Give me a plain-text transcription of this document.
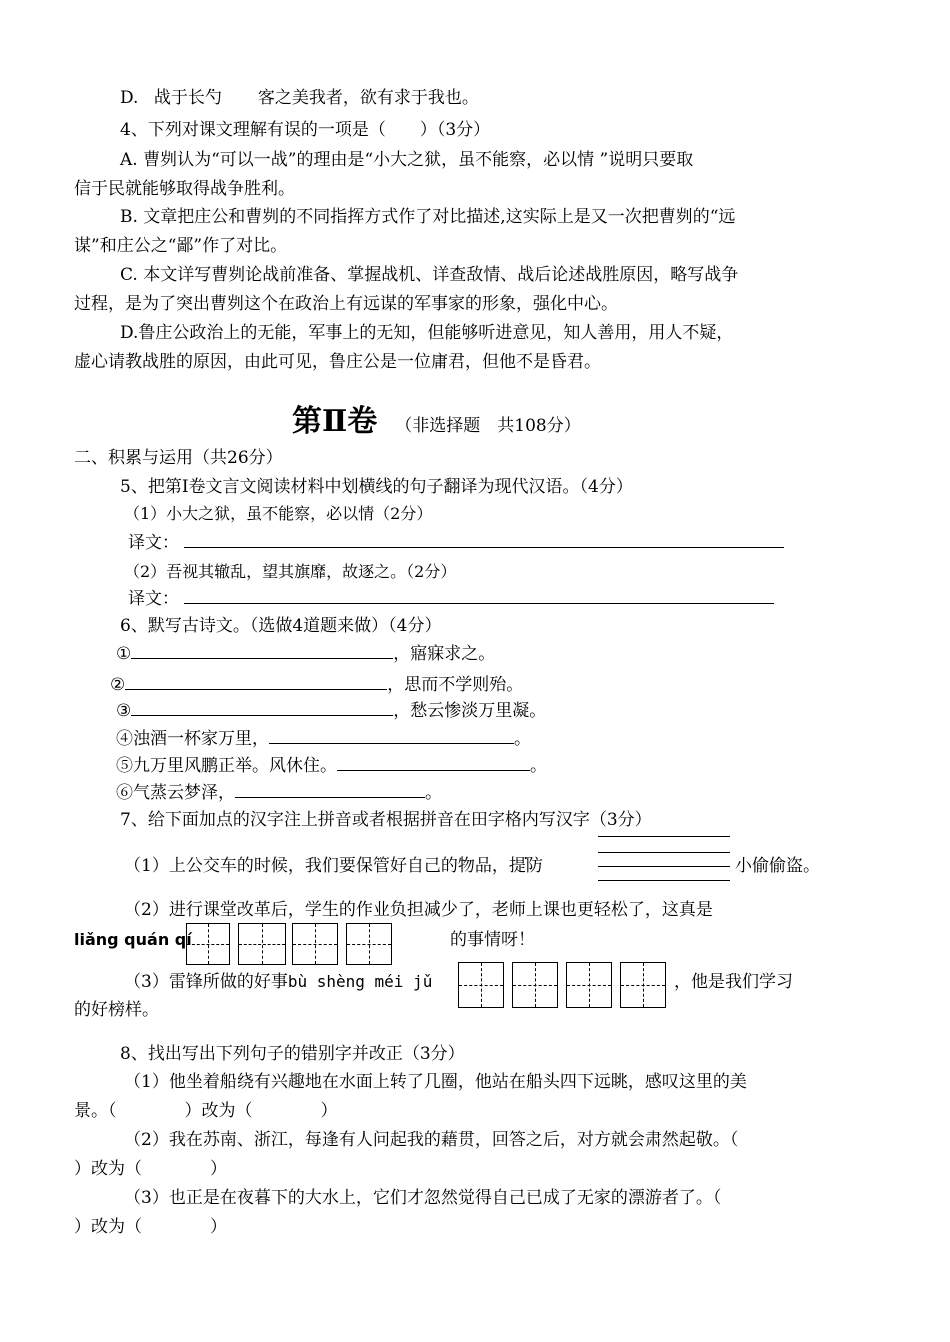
D. 战于长勺 客之美我者，欲有求于我也。
4、下列对课文理解有误的一项是（　　）（3分）
A. 曹刿认为“可以一战”的理由是“小大之狱，虽不能察，必以情 ”说明只要取
信于民就能够取得战争胜利。
B. 文章把庄公和曹刿的不同指挥方式作了对比描述,这实际上是又一次把曹刿的“远
谋”和庄公之“鄙”作了对比。
C. 本文详写曹刿论战前准备、掌握战机、详查敌情、战后论述战胜原因，略写战争
过程，是为了突出曹刿这个在政治上有远谋的军事家的形象，强化中心。
D.鲁庄公政治上的无能，军事上的无知，但能够听进意见，知人善用，用人不疑，
虚心请教战胜的原因，由此可见，鲁庄公是一位庸君，但他不是昏君。
第Ⅱ卷 （非选择题　共108分）
二、积累与运用（共26分）
5、把第Ⅰ卷文言文阅读材料中划横线的句子翻译为现代汉语。（4分）
（1）小大之狱，虽不能察，必以情（2分）
译文：
（2）吾视其辙乱，望其旗靡，故逐之。（2分）
译文：
6、默写古诗文。（选做4道题来做）（4分）
①	，寤寐求之。
②	，思而不学则殆。
③	，愁云惨淡万里凝。
④浊酒一杯家万里，	。
⑤九万里风鹏正举。风休住。	。
⑥气蒸云梦泽，	。
7、给下面加点的汉字注上拼音或者根据拼音在田字格内写汉字（3分）
（1）上公交车的时候，我们要保管好自己的物品，提防	小偷偷盗。
（2）进行课堂改革后，学生的作业负担减少了，老师上课也更轻松了，这真是
liǎng quán qí	的事情呀！
（3）雷锋所做的好事bù shèng méi jǔ	，他是我们学习
的好榜样。
8、找出写出下列句子的错别字并改正（3分）
（1）他坐着船绕有兴趣地在水面上转了几圈，他站在船头四下远眺，感叹这里的美
景。（　　　　）改为（　　　　）
（2）我在苏南、浙江，每逢有人问起我的藉贯，回答之后，对方就会肃然起敬。（
）改为（　　　　）
（3）也正是在夜暮下的大水上，它们才忽然觉得自己已成了无家的漂游者了。（
）改为（　　　　）
